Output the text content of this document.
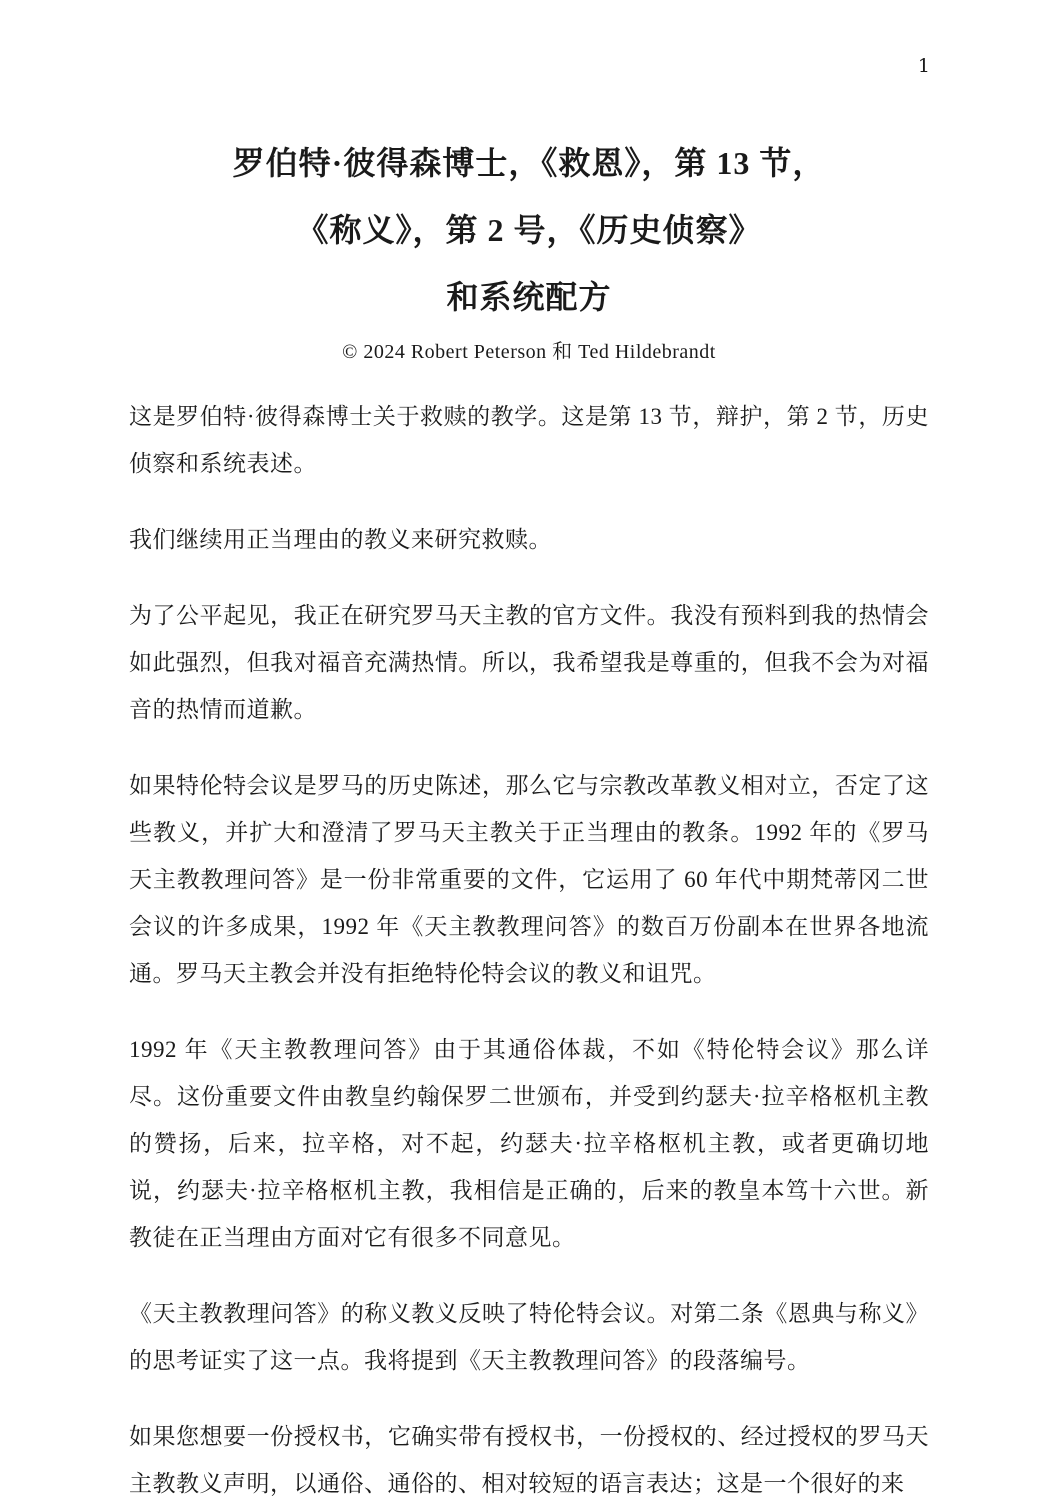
1
罗伯特·彼得森博士，《救恩》，第 13 节，
《称义》，第 2 号，《历史侦察》
和系统配方
© 2024 Robert Peterson 和 Ted Hildebrandt

这是罗伯特·彼得森博士关于救赎的教学。这是第 13 节，辩护，第 2 节，历史侦察和系统表述。

我们继续用正当理由的教义来研究救赎。

为了公平起见，我正在研究罗马天主教的官方文件。我没有预料到我的热情会如此强烈，但我对福音充满热情。所以，我希望我是尊重的，但我不会为对福音的热情而道歉。

如果特伦特会议是罗马的历史陈述，那么它与宗教改革教义相对立，否定了这些教义，并扩大和澄清了罗马天主教关于正当理由的教条。1992 年的《罗马天主教教理问答》是一份非常重要的文件，它运用了 60 年代中期梵蒂冈二世会议的许多成果，1992 年《天主教教理问答》的数百万份副本在世界各地流通。罗马天主教会并没有拒绝特伦特会议的教义和诅咒。

1992 年《天主教教理问答》由于其通俗体裁，不如《特伦特会议》那么详尽。这份重要文件由教皇约翰保罗二世颁布，并受到约瑟夫·拉辛格枢机主教的赞扬，后来，拉辛格，对不起，约瑟夫·拉辛格枢机主教，或者更确切地说，约瑟夫·拉辛格枢机主教，我相信是正确的，后来的教皇本笃十六世。新教徒在正当理由方面对它有很多不同意见。

《天主教教理问答》的称义教义反映了特伦特会议。对第二条《恩典与称义》的思考证实了这一点。我将提到《天主教教理问答》的段落编号。

如果您想要一份授权书，它确实带有授权书，一份授权的、经过授权的罗马天主教教义声明，以通俗、通俗的、相对较短的语言表达；这是一个很好的来
